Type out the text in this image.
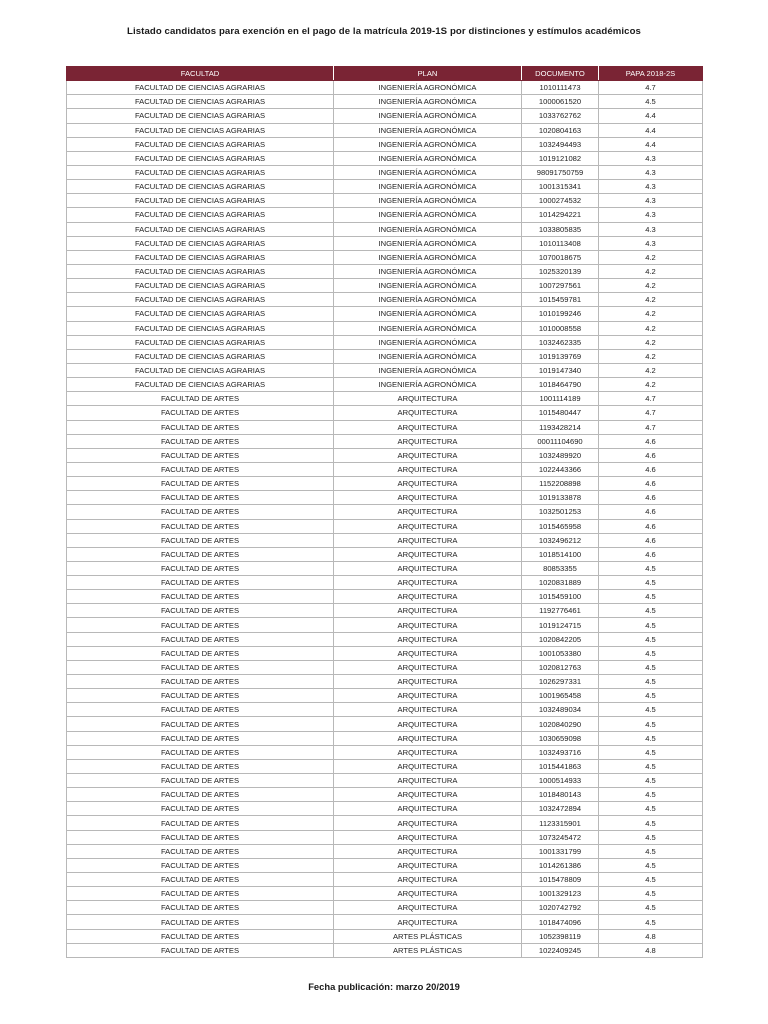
Listado candidatos para exención en el pago de la matrícula 2019-1S por distinciones y estímulos académicos
FACULTAD	PLAN	DOCUMENTO	PAPA 2018-2S
FACULTAD DE CIENCIAS AGRARIAS	INGENIERÍA AGRONÓMICA	1010111473	4.7
FACULTAD DE CIENCIAS AGRARIAS	INGENIERÍA AGRONÓMICA	1000061520	4.5
FACULTAD DE CIENCIAS AGRARIAS	INGENIERÍA AGRONÓMICA	1033762762	4.4
FACULTAD DE CIENCIAS AGRARIAS	INGENIERÍA AGRONÓMICA	1020804163	4.4
FACULTAD DE CIENCIAS AGRARIAS	INGENIERÍA AGRONÓMICA	1032494493	4.4
FACULTAD DE CIENCIAS AGRARIAS	INGENIERÍA AGRONÓMICA	1019121082	4.3
FACULTAD DE CIENCIAS AGRARIAS	INGENIERÍA AGRONÓMICA	98091750759	4.3
FACULTAD DE CIENCIAS AGRARIAS	INGENIERÍA AGRONÓMICA	1001315341	4.3
FACULTAD DE CIENCIAS AGRARIAS	INGENIERÍA AGRONÓMICA	1000274532	4.3
FACULTAD DE CIENCIAS AGRARIAS	INGENIERÍA AGRONÓMICA	1014294221	4.3
FACULTAD DE CIENCIAS AGRARIAS	INGENIERÍA AGRONÓMICA	1033805835	4.3
FACULTAD DE CIENCIAS AGRARIAS	INGENIERÍA AGRONÓMICA	1010113408	4.3
FACULTAD DE CIENCIAS AGRARIAS	INGENIERÍA AGRONÓMICA	1070018675	4.2
FACULTAD DE CIENCIAS AGRARIAS	INGENIERÍA AGRONÓMICA	1025320139	4.2
FACULTAD DE CIENCIAS AGRARIAS	INGENIERÍA AGRONÓMICA	1007297561	4.2
FACULTAD DE CIENCIAS AGRARIAS	INGENIERÍA AGRONÓMICA	1015459781	4.2
FACULTAD DE CIENCIAS AGRARIAS	INGENIERÍA AGRONÓMICA	1010199246	4.2
FACULTAD DE CIENCIAS AGRARIAS	INGENIERÍA AGRONÓMICA	1010008558	4.2
FACULTAD DE CIENCIAS AGRARIAS	INGENIERÍA AGRONÓMICA	1032462335	4.2
FACULTAD DE CIENCIAS AGRARIAS	INGENIERÍA AGRONÓMICA	1019139769	4.2
FACULTAD DE CIENCIAS AGRARIAS	INGENIERÍA AGRONÓMICA	1019147340	4.2
FACULTAD DE CIENCIAS AGRARIAS	INGENIERÍA AGRONÓMICA	1018464790	4.2
FACULTAD DE ARTES	ARQUITECTURA	1001114189	4.7
FACULTAD DE ARTES	ARQUITECTURA	1015480447	4.7
FACULTAD DE ARTES	ARQUITECTURA	1193428214	4.7
FACULTAD DE ARTES	ARQUITECTURA	00011104690	4.6
FACULTAD DE ARTES	ARQUITECTURA	1032489920	4.6
FACULTAD DE ARTES	ARQUITECTURA	1022443366	4.6
FACULTAD DE ARTES	ARQUITECTURA	1152208898	4.6
FACULTAD DE ARTES	ARQUITECTURA	1019133878	4.6
FACULTAD DE ARTES	ARQUITECTURA	1032501253	4.6
FACULTAD DE ARTES	ARQUITECTURA	1015465958	4.6
FACULTAD DE ARTES	ARQUITECTURA	1032496212	4.6
FACULTAD DE ARTES	ARQUITECTURA	1018514100	4.6
FACULTAD DE ARTES	ARQUITECTURA	80853355	4.5
FACULTAD DE ARTES	ARQUITECTURA	1020831889	4.5
FACULTAD DE ARTES	ARQUITECTURA	1015459100	4.5
FACULTAD DE ARTES	ARQUITECTURA	1192776461	4.5
FACULTAD DE ARTES	ARQUITECTURA	1019124715	4.5
FACULTAD DE ARTES	ARQUITECTURA	1020842205	4.5
FACULTAD DE ARTES	ARQUITECTURA	1001053380	4.5
FACULTAD DE ARTES	ARQUITECTURA	1020812763	4.5
FACULTAD DE ARTES	ARQUITECTURA	1026297331	4.5
FACULTAD DE ARTES	ARQUITECTURA	1001965458	4.5
FACULTAD DE ARTES	ARQUITECTURA	1032489034	4.5
FACULTAD DE ARTES	ARQUITECTURA	1020840290	4.5
FACULTAD DE ARTES	ARQUITECTURA	1030659098	4.5
FACULTAD DE ARTES	ARQUITECTURA	1032493716	4.5
FACULTAD DE ARTES	ARQUITECTURA	1015441863	4.5
FACULTAD DE ARTES	ARQUITECTURA	1000514933	4.5
FACULTAD DE ARTES	ARQUITECTURA	1018480143	4.5
FACULTAD DE ARTES	ARQUITECTURA	1032472894	4.5
FACULTAD DE ARTES	ARQUITECTURA	1123315901	4.5
FACULTAD DE ARTES	ARQUITECTURA	1073245472	4.5
FACULTAD DE ARTES	ARQUITECTURA	1001331799	4.5
FACULTAD DE ARTES	ARQUITECTURA	1014261386	4.5
FACULTAD DE ARTES	ARQUITECTURA	1015478809	4.5
FACULTAD DE ARTES	ARQUITECTURA	1001329123	4.5
FACULTAD DE ARTES	ARQUITECTURA	1020742792	4.5
FACULTAD DE ARTES	ARQUITECTURA	1018474096	4.5
FACULTAD DE ARTES	ARTES PLÁSTICAS	1052398119	4.8
FACULTAD DE ARTES	ARTES PLÁSTICAS	1022409245	4.8
Fecha publicación: marzo 20/2019
